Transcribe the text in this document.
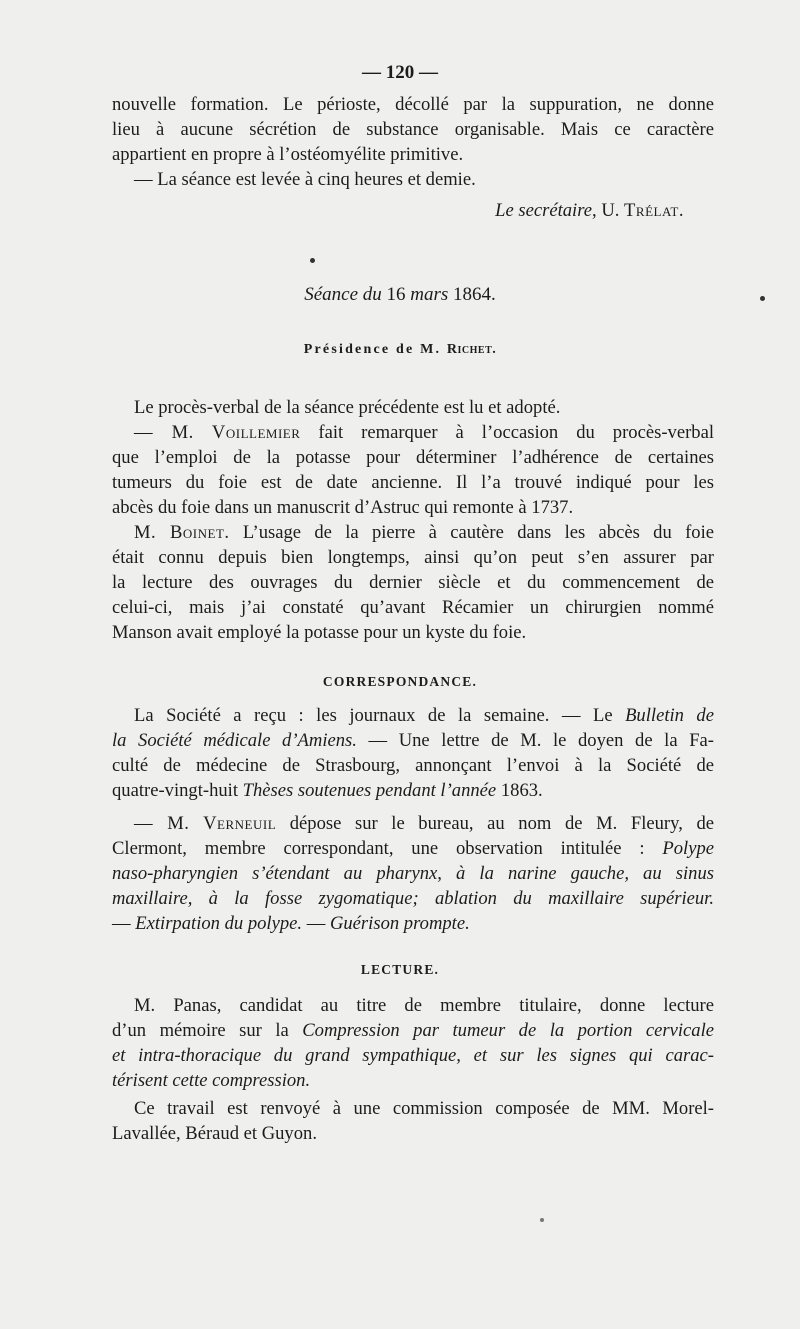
— 120 —
nouvelle formation. Le périoste, décollé par la suppuration, ne donne
lieu à aucune sécrétion de substance organisable. Mais ce caractère
appartient en propre à l’ostéomyélite primitive.
— La séance est levée à cinq heures et demie.
Le secrétaire, U. Trélat.
Séance du 16 mars 1864.
Présidence de M. Richet.
Le procès-verbal de la séance précédente est lu et adopté.
— M. Voillemier fait remarquer à l’occasion du procès-verbal
que l’emploi de la potasse pour déterminer l’adhérence de certaines
tumeurs du foie est de date ancienne. Il l’a trouvé indiqué pour les
abcès du foie dans un manuscrit d’Astruc qui remonte à 1737.
M. Boinet. L’usage de la pierre à cautère dans les abcès du foie
était connu depuis bien longtemps, ainsi qu’on peut s’en assurer par
la lecture des ouvrages du dernier siècle et du commencement de
celui-ci, mais j’ai constaté qu’avant Récamier un chirurgien nommé
Manson avait employé la potasse pour un kyste du foie.
CORRESPONDANCE.
La Société a reçu : les journaux de la semaine. — Le Bulletin de
la Société médicale d’Amiens. — Une lettre de M. le doyen de la Fa-
culté de médecine de Strasbourg, annonçant l’envoi à la Société de
quatre-vingt-huit Thèses soutenues pendant l’année 1863.
— M. Verneuil dépose sur le bureau, au nom de M. Fleury, de
Clermont, membre correspondant, une observation intitulée : Polype
naso-pharyngien s’étendant au pharynx, à la narine gauche, au sinus
maxillaire, à la fosse zygomatique; ablation du maxillaire supérieur.
— Extirpation du polype. — Guérison prompte.
LECTURE.
M. Panas, candidat au titre de membre titulaire, donne lecture
d’un mémoire sur la Compression par tumeur de la portion cervicale
et intra-thoracique du grand sympathique, et sur les signes qui carac-
térisent cette compression.
Ce travail est renvoyé à une commission composée de MM. Morel-
Lavallée, Béraud et Guyon.
